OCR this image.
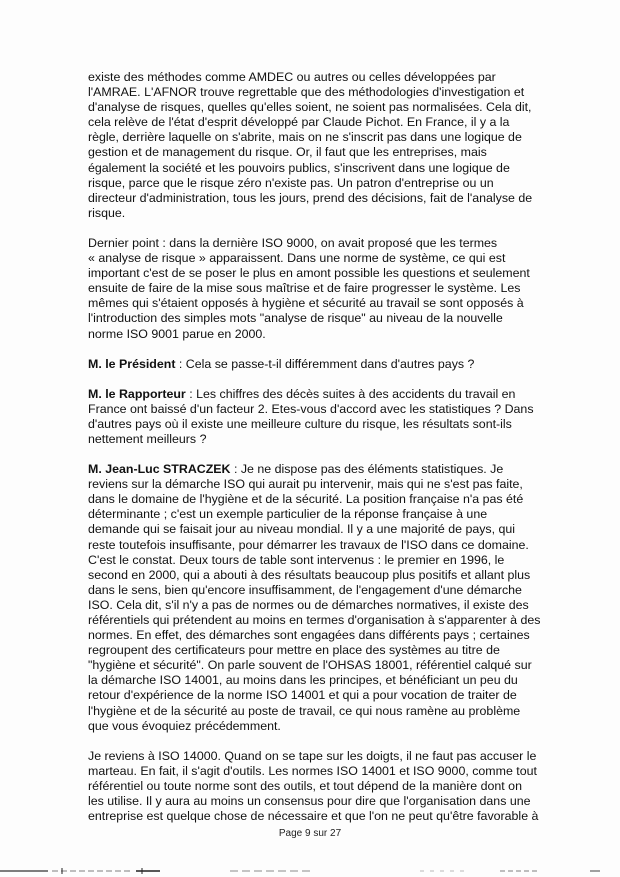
existe des méthodes comme AMDEC ou autres ou celles développées par
l'AMRAE. L'AFNOR trouve regrettable que des méthodologies d'investigation et
d'analyse de risques, quelles qu'elles soient, ne soient pas normalisées. Cela dit,
cela relève de l'état d'esprit développé par Claude Pichot. En France, il y a la
règle, derrière laquelle on s'abrite, mais on ne s'inscrit pas dans une logique de
gestion et de management du risque. Or, il faut que les entreprises, mais
également la société et les pouvoirs publics, s'inscrivent dans une logique de
risque, parce que le risque zéro n'existe pas. Un patron d'entreprise ou un
directeur d'administration, tous les jours, prend des décisions, fait de l'analyse de
risque.

Dernier point : dans la dernière ISO 9000, on avait proposé que les termes
« analyse de risque » apparaissent. Dans une norme de système, ce qui est
important c'est de se poser le plus en amont possible les questions et seulement
ensuite de faire de la mise sous maîtrise et de faire progresser le système. Les
mêmes qui s'étaient opposés à hygiène et sécurité au travail se sont opposés à
l'introduction des simples mots "analyse de risque" au niveau de la nouvelle
norme ISO 9001 parue en 2000.

M. le Président : Cela se passe-t-il différemment dans d'autres pays ?

M. le Rapporteur : Les chiffres des décès suites à des accidents du travail en
France ont baissé d'un facteur 2. Etes-vous d'accord avec les statistiques ? Dans
d'autres pays où il existe une meilleure culture du risque, les résultats sont-ils
nettement meilleurs ?

M. Jean-Luc STRACZEK : Je ne dispose pas des éléments statistiques. Je
reviens sur la démarche ISO qui aurait pu intervenir, mais qui ne s'est pas faite,
dans le domaine de l'hygiène et de la sécurité. La position française n'a pas été
déterminante ; c'est un exemple particulier de la réponse française à une
demande qui se faisait jour au niveau mondial. Il y a une majorité de pays, qui
reste toutefois insuffisante, pour démarrer les travaux de l'ISO dans ce domaine.
C'est le constat. Deux tours de table sont intervenus : le premier en 1996, le
second en 2000, qui a abouti à des résultats beaucoup plus positifs et allant plus
dans le sens, bien qu'encore insuffisamment, de l'engagement d'une démarche
ISO. Cela dit, s'il n'y a pas de normes ou de démarches normatives, il existe des
référentiels qui prétendent au moins en termes d'organisation à s'apparenter à des
normes. En effet, des démarches sont engagées dans différents pays ; certaines
regroupent des certificateurs pour mettre en place des systèmes au titre de
"hygiène et sécurité". On parle souvent de l'OHSAS 18001, référentiel calqué sur
la démarche ISO 14001, au moins dans les principes, et bénéficiant un peu du
retour d'expérience de la norme ISO 14001 et qui a pour vocation de traiter de
l'hygiène et de la sécurité au poste de travail, ce qui nous ramène au problème
que vous évoquiez précédemment.

Je reviens à ISO 14000. Quand on se tape sur les doigts, il ne faut pas accuser le
marteau. En fait, il s'agit d'outils. Les normes ISO 14001 et ISO 9000, comme tout
référentiel ou toute norme sont des outils, et tout dépend de la manière dont on
les utilise. Il y aura au moins un consensus pour dire que l'organisation dans une
entreprise est quelque chose de nécessaire et que l'on ne peut qu'être favorable à

Page 9 sur 27
